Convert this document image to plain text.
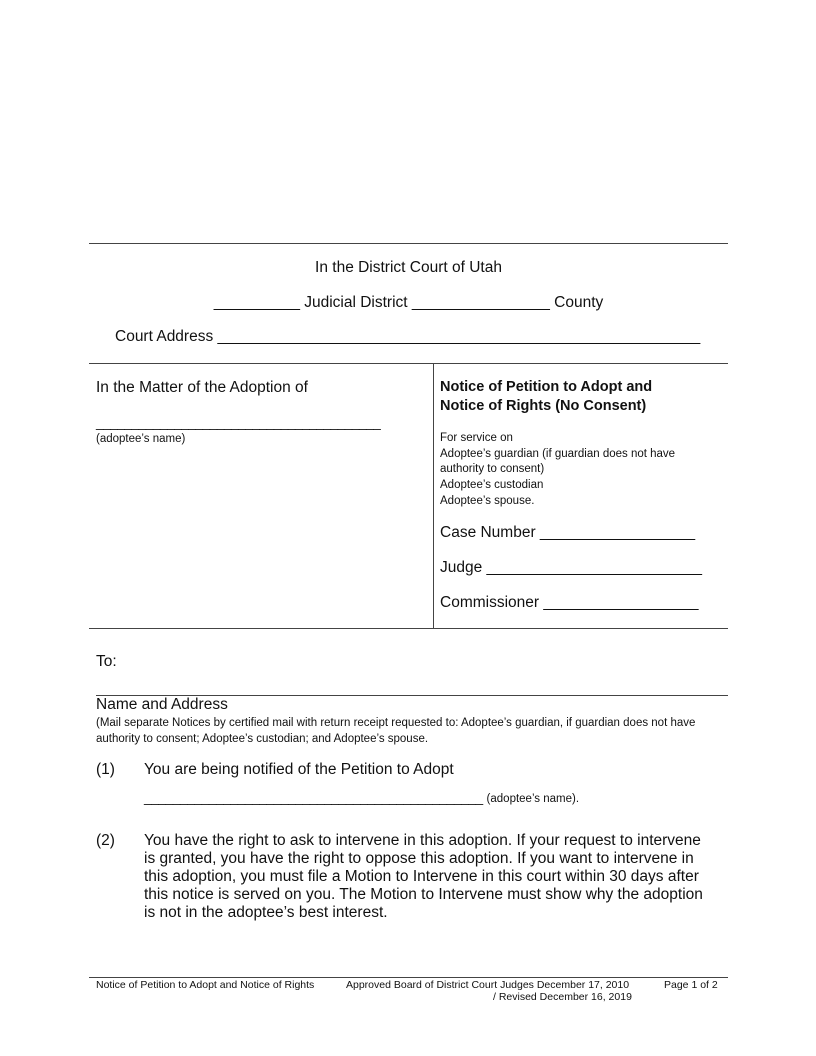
In the District Court of Utah
__________ Judicial District ________________ County
Court Address ________________________________________________________
In the Matter of the Adoption of
________________________________________
(adoptee’s name)
Notice of Petition to Adopt and
Notice of Rights (No Consent)
For service on
Adoptee’s guardian (if guardian does not have
authority to consent)
Adoptee’s custodian
Adoptee’s spouse.
Case Number __________________
Judge _________________________
Commissioner __________________
To:
Name and Address
(Mail separate Notices by certified mail with return receipt requested to: Adoptee’s guardian, if guardian does not have authority to consent; Adoptee’s custodian; and Adoptee’s spouse.
(1) You are being notified of the Petition to Adopt
_______________________________________________ (adoptee’s name).
(2) You have the right to ask to intervene in this adoption. If your request to intervene is granted, you have the right to oppose this adoption. If you want to intervene in this adoption, you must file a Motion to Intervene in this court within 30 days after this notice is served on you. The Motion to Intervene must show why the adoption is not in the adoptee’s best interest.
Notice of Petition to Adopt and Notice of Rights	Approved Board of District Court Judges December 17, 2010
/ Revised December 16, 2019
Page 1 of 2
